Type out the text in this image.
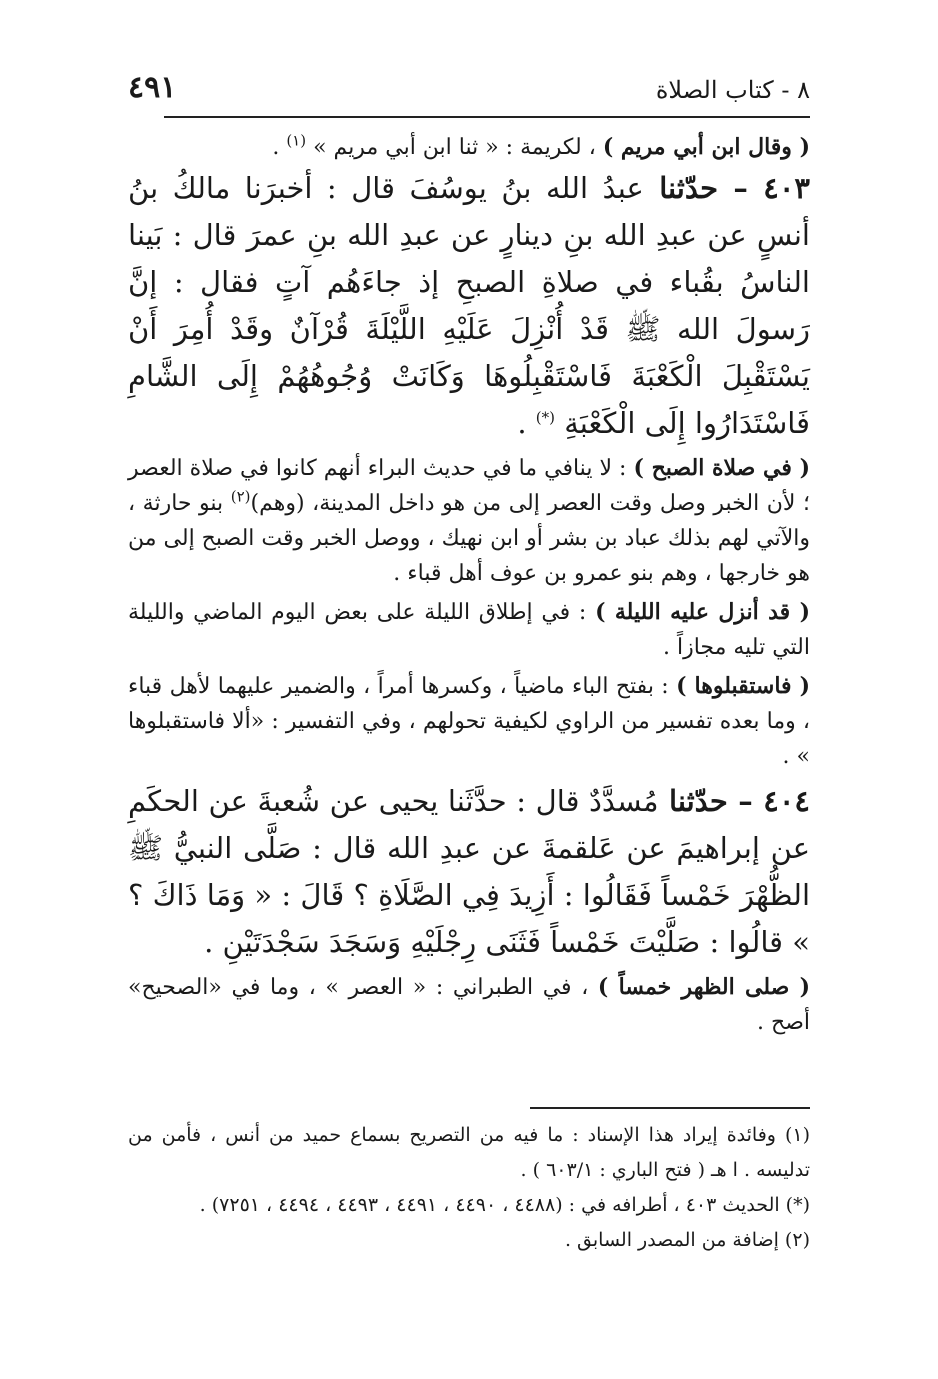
٤٩١	٨ - كتاب الصلاة

( وقال ابن أبي مريم ) ، لكريمة : « ثنا ابن أبي مريم » $^{(١)}$ .

٤٠٣ – حدّثنا عبدُ الله بنُ يوسُفَ قال : أخبرَنا مالكُ بنُ أنسٍ عن عبدِ الله بنِ دينارٍ عن عبدِ الله بنِ عمرَ قال : بَينا الناسُ بقُباء في صلاةِ الصبحِ إذ جاءَهُم آتٍ فقال : إنَّ رَسولَ الله ﷺ قَدْ أُنْزِلَ عَلَيْهِ اللَّيْلَةَ قُرْآنٌ وقَدْ أُمِرَ أَنْ يَسْتَقْبِلَ الْكَعْبَةَ فَاسْتَقْبِلُوهَا وَكَانَتْ وُجُوهُهُمْ إِلَى الشَّامِ فَاسْتَدَارُوا إِلَى الْكَعْبَةِ (*) .

( في صلاة الصبح ) : لا ينافي ما في حديث البراء أنهم كانوا في صلاة العصر ؛ لأن الخبر وصل وقت العصر إلى من هو داخل المدينة، (وهم)$^{(٢)}$ بنو حارثة ، والآتي لهم بذلك عباد بن بشر أو ابن نهيك ، ووصل الخبر وقت الصبح إلى من هو خارجها ، وهم بنو عمرو بن عوف أهل قباء .

( قد أنزل عليه الليلة ) : في إطلاق الليلة على بعض اليوم الماضي والليلة التي تليه مجازاً .

( فاستقبلوها ) : بفتح الباء ماضياً ، وكسرها أمراً ، والضمير عليهما لأهل قباء ، وما بعده تفسير من الراوي لكيفية تحولهم ، وفي التفسير : «ألا فاستقبلوها » .

٤٠٤ – حدّثنا مُسدَّدٌ قال : حدَّثَنا يحيى عن شُعبةَ عن الحكَمِ عن إبراهيمَ عن عَلقمةَ عن عبدِ الله قال : صَلَّى النبيُّ ﷺ الظُّهْرَ خَمْساً فَقَالُوا : أَزِيدَ فِي الصَّلَاةِ ؟ قَالَ : « وَمَا ذَاكَ ؟ » قالُوا : صَلَّيْتَ خَمْساً فَثَنَى رِجْلَيْهِ وَسَجَدَ سَجْدَتَيْنِ .

( صلى الظهر خمساً ) ، في الطبراني : « العصر » ، وما في «الصحيح» أصح .

(١) وفائدة إيراد هذا الإسناد : ما فيه من التصريح بسماع حميد من أنس ، فأمن من تدليسه . ا هـ ( فتح الباري : ٦٠٣/١ ) .

(*) الحديث ٤٠٣ ، أطرافه في : (٤٤٨٨ ، ٤٤٩٠ ، ٤٤٩١ ، ٤٤٩٣ ، ٤٤٩٤ ، ٧٢٥١) .

(٢) إضافة من المصدر السابق .
